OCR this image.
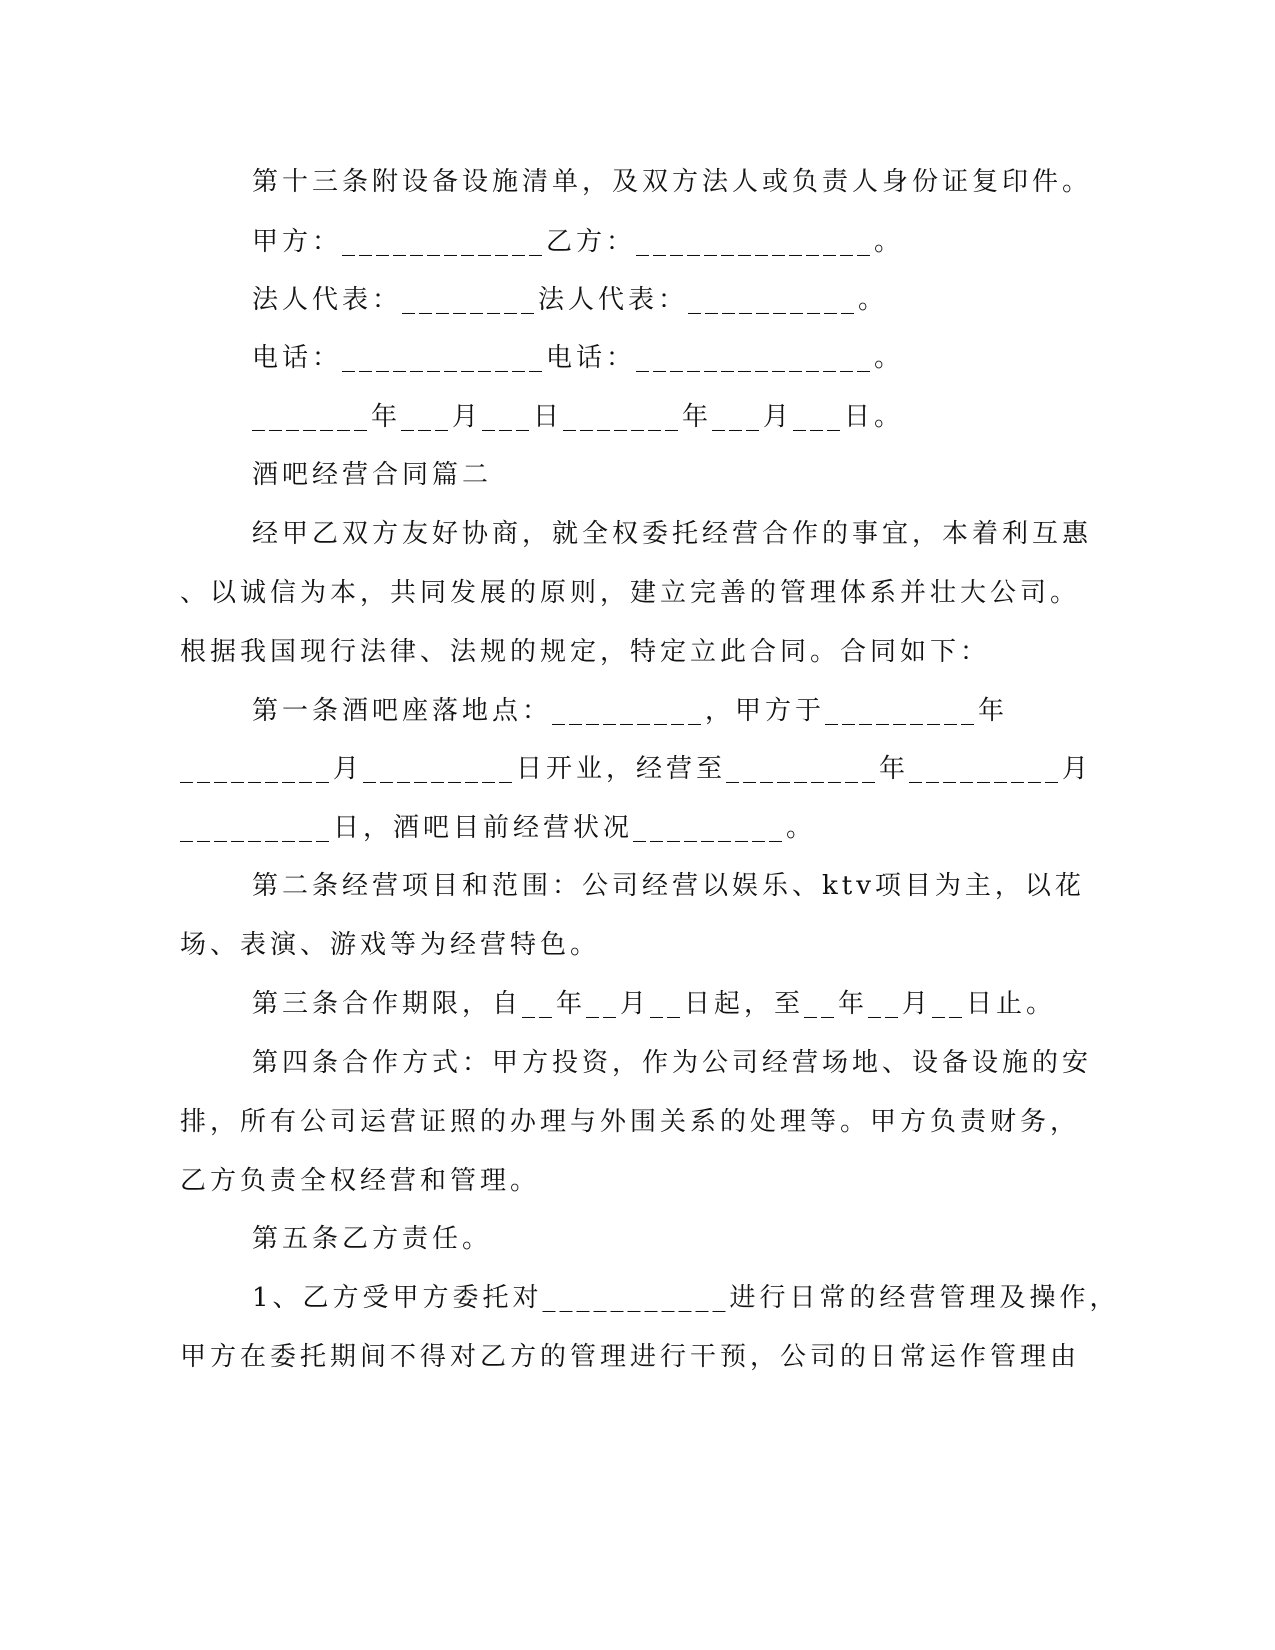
第十三条附设备设施清单，及双方法人或负责人身份证复印件。
甲方：____________乙方：______________。
法人代表：________法人代表：__________。
电话：____________电话：______________。
_______年___月___日_______年___月___日。
酒吧经营合同篇二
经甲乙双方友好协商，就全权委托经营合作的事宜，本着利互惠
、以诚信为本，共同发展的原则，建立完善的管理体系并壮大公司。
根据我国现行法律、法规的规定，特定立此合同。合同如下：
第一条酒吧座落地点：_________，甲方于_________年
_________月_________日开业，经营至_________年_________月
_________日，酒吧目前经营状况_________。
第二条经营项目和范围：公司经营以娱乐、ktv项目为主，以花
场、表演、游戏等为经营特色。
第三条合作期限，自__年__月__日起，至__年__月__日止。
第四条合作方式：甲方投资，作为公司经营场地、设备设施的安
排，所有公司运营证照的办理与外围关系的处理等。甲方负责财务，
乙方负责全权经营和管理。
第五条乙方责任。
1、乙方受甲方委托对___________进行日常的经营管理及操作，
甲方在委托期间不得对乙方的管理进行干预，公司的日常运作管理由
